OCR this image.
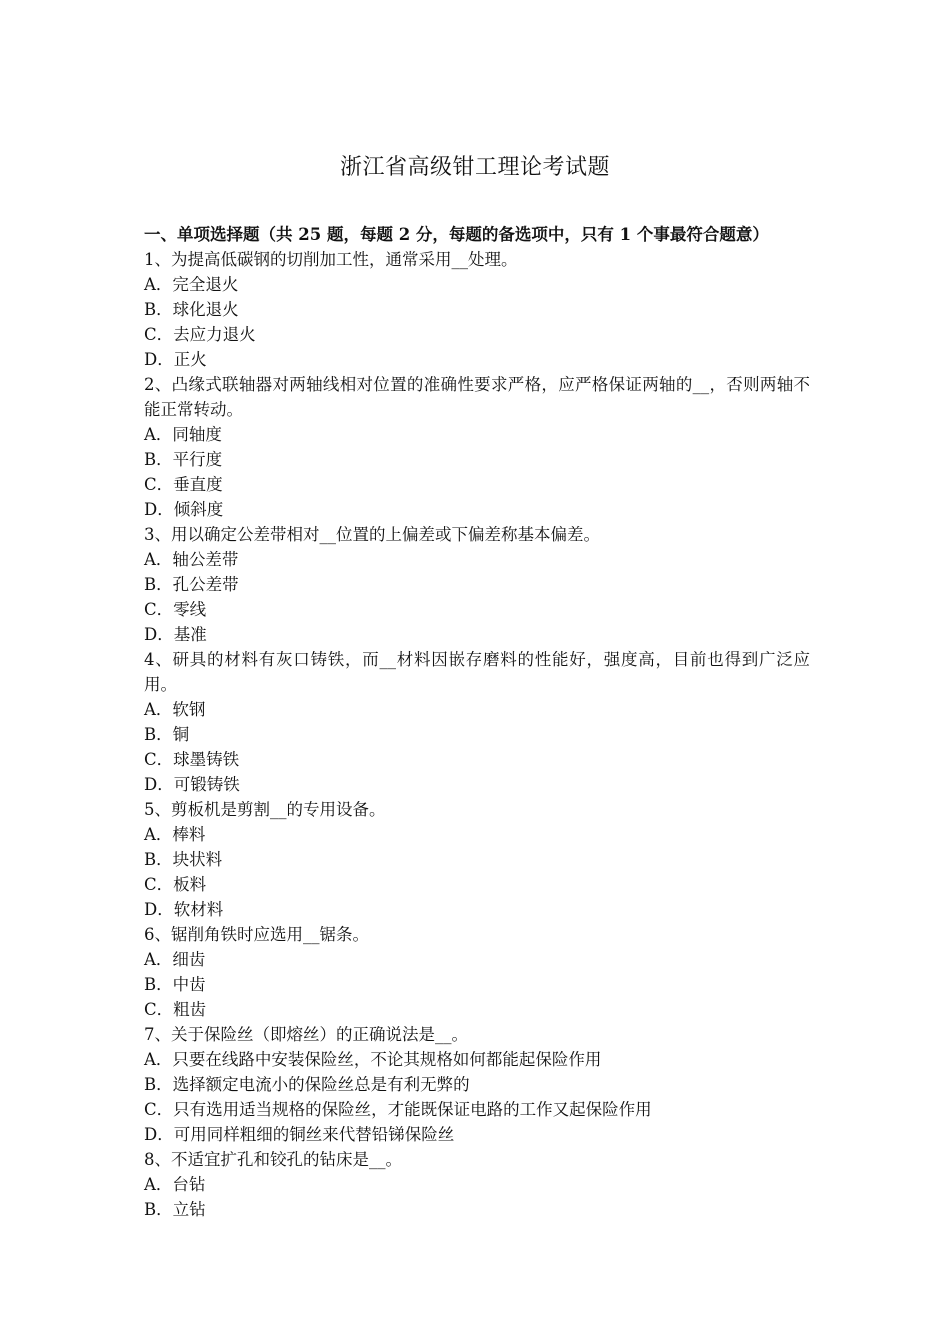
浙江省高级钳工理论考试题
一、单项选择题（共 25 题，每题 2 分，每题的备选项中，只有 1 个事最符合题意）
1、为提高低碳钢的切削加工性，通常采用__处理。
A．完全退火
B．球化退火
C．去应力退火
D．正火
2、凸缘式联轴器对两轴线相对位置的准确性要求严格，应严格保证两轴的__，否则两轴不能正常转动。
A．同轴度
B．平行度
C．垂直度
D．倾斜度
3、用以确定公差带相对__位置的上偏差或下偏差称基本偏差。
A．轴公差带
B．孔公差带
C．零线
D．基准
4、研具的材料有灰口铸铁，而__材料因嵌存磨料的性能好，强度高，目前也得到广泛应用。
A．软钢
B．铜
C．球墨铸铁
D．可锻铸铁
5、剪板机是剪割__的专用设备。
A．棒料
B．块状料
C．板料
D．软材料
6、锯削角铁时应选用__锯条。
A．细齿
B．中齿
C．粗齿
7、关于保险丝（即熔丝）的正确说法是__。
A．只要在线路中安装保险丝，不论其规格如何都能起保险作用
B．选择额定电流小的保险丝总是有利无弊的
C．只有选用适当规格的保险丝，才能既保证电路的工作又起保险作用
D．可用同样粗细的铜丝来代替铅锑保险丝
8、不适宜扩孔和铰孔的钻床是__。
A．台钻
B．立钻
